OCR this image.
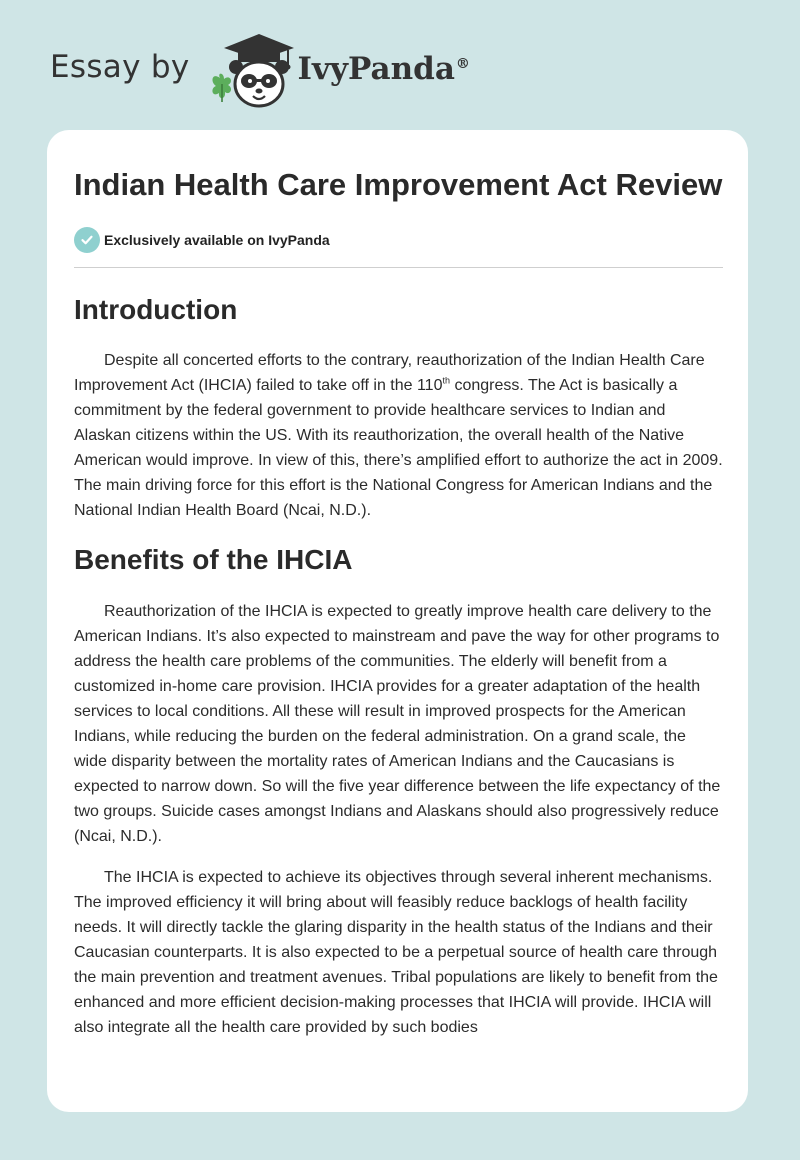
Essay by	IvyPanda®
Indian Health Care Improvement Act Review
Exclusively available on IvyPanda
Introduction

Despite all concerted efforts to the contrary, reauthorization of the Indian Health Care Improvement Act (IHCIA) failed to take off in the 110th congress. The Act is basically a commitment by the federal government to provide healthcare services to Indian and Alaskan citizens within the US. With its reauthorization, the overall health of the Native American would improve. In view of this, there’s amplified effort to authorize the act in 2009. The main driving force for this effort is the National Congress for American Indians and the National Indian Health Board (Ncai, N.D.).

Benefits of the IHCIA

Reauthorization of the IHCIA is expected to greatly improve health care delivery to the American Indians. It’s also expected to mainstream and pave the way for other programs to address the health care problems of the communities. The elderly will benefit from a customized in-home care provision. IHCIA provides for a greater adaptation of the health services to local conditions. All these will result in improved prospects for the American Indians, while reducing the burden on the federal administration. On a grand scale, the wide disparity between the mortality rates of American Indians and the Caucasians is expected to narrow down. So will the five year difference between the life expectancy of the two groups. Suicide cases amongst Indians and Alaskans should also progressively reduce (Ncai, N.D.).

The IHCIA is expected to achieve its objectives through several inherent mechanisms. The improved efficiency it will bring about will feasibly reduce backlogs of health facility needs. It will directly tackle the glaring disparity in the health status of the Indians and their Caucasian counterparts. It is also expected to be a perpetual source of health care through the main prevention and treatment avenues. Tribal populations are likely to benefit from the enhanced and more efficient decision-making processes that IHCIA will provide. IHCIA will also integrate all the health care provided by such bodies
